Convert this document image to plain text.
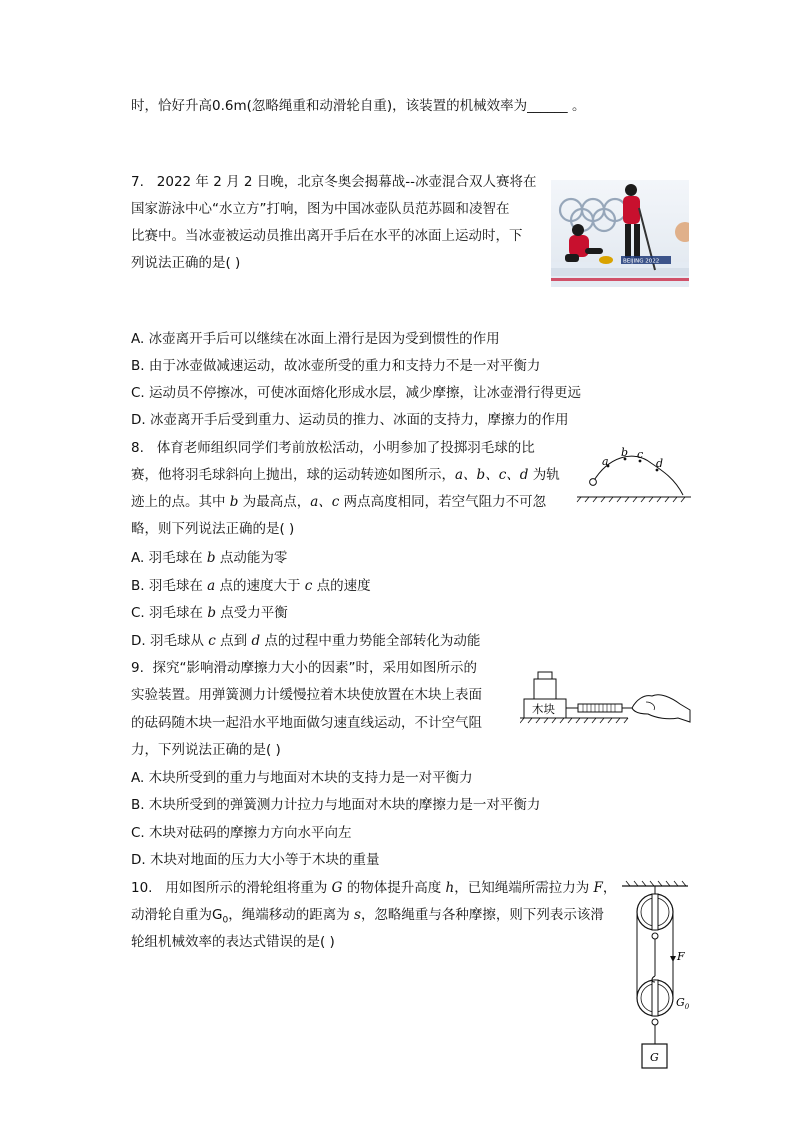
时，恰好升高0.6m(忽略绳重和动滑轮自重)，该装置的机械效率为______ 。
7. 2022 年 2 月 2 日晚，北京冬奥会揭幕战--冰壶混合双人赛将在
国家游泳中心“水立方”打响，图为中国冰壶队员范苏圆和凌智在
比赛中。当冰壶被运动员推出离开手后在水平的冰面上运动时，下
列说法正确的是( )	BEIJING 2022
A. 冰壶离开手后可以继续在冰面上滑行是因为受到惯性的作用
B. 由于冰壶做减速运动，故冰壶所受的重力和支持力不是一对平衡力
C. 运动员不停擦冰，可使冰面熔化形成水层，减少摩擦，让冰壶滑行得更远
D. 冰壶离开手后受到重力、运动员的推力、冰面的支持力，摩擦力的作用
8. 体育老师组织同学们考前放松活动，小明参加了投掷羽毛球的比
赛，他将羽毛球斜向上抛出，球的运动转迹如图所示，a、b、c、d 为轨
迹上的点。其中 b 为最高点，a、c 两点高度相同，若空气阻力不可忽
略，则下列说法正确的是( )
a
b c
d
A. 羽毛球在 b 点动能为零
B. 羽毛球在 a 点的速度大于 c 点的速度
C. 羽毛球在 b 点受力平衡
D. 羽毛球从 c 点到 d 点的过程中重力势能全部转化为动能
9. 探究“影响滑动摩擦力大小的因素”时，采用如图所示的
实验装置。用弹簧测力计缓慢拉着木块使放置在木块上表面
的砝码随木块一起沿水平地面做匀速直线运动，不计空气阻
力，下列说法正确的是( )
木块
A. 木块所受到的重力与地面对木块的支持力是一对平衡力
B. 木块所受到的弹簧测力计拉力与地面对木块的摩擦力是一对平衡力
C. 木块对砝码的摩擦力方向水平向左
D. 木块对地面的压力大小等于木块的重量
10. 用如图所示的滑轮组将重为 G 的物体提升高度 h，已知绳端所需拉力为 F，
动滑轮自重为$G_0$，绳端移动的距离为 s，忽略绳重与各种摩擦，则下列表示该滑
轮组机械效率的表达式错误的是( )
F
$G_0$
G
